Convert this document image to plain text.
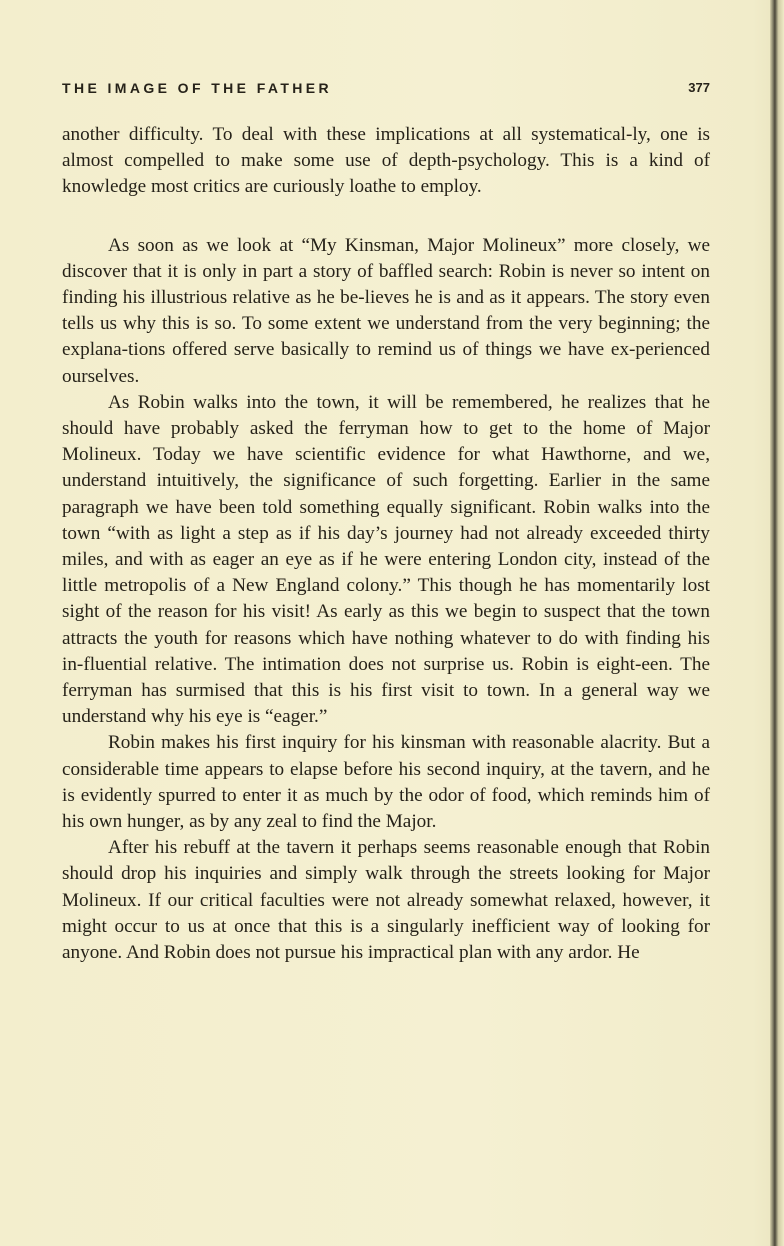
THE IMAGE OF THE FATHER	377

another difficulty. To deal with these implications at all systematical-ly, one is almost compelled to make some use of depth-psychology. This is a kind of knowledge most critics are curiously loathe to employ.

As soon as we look at “My Kinsman, Major Molineux” more closely, we discover that it is only in part a story of baffled search: Robin is never so intent on finding his illustrious relative as he be-lieves he is and as it appears. The story even tells us why this is so. To some extent we understand from the very beginning; the explana-tions offered serve basically to remind us of things we have ex-perienced ourselves.

As Robin walks into the town, it will be remembered, he realizes that he should have probably asked the ferryman how to get to the home of Major Molineux. Today we have scientific evidence for what Hawthorne, and we, understand intuitively, the significance of such forgetting. Earlier in the same paragraph we have been told something equally significant. Robin walks into the town “with as light a step as if his day’s journey had not already exceeded thirty miles, and with as eager an eye as if he were entering London city, instead of the little metropolis of a New England colony.” This though he has momentarily lost sight of the reason for his visit! As early as this we begin to suspect that the town attracts the youth for reasons which have nothing whatever to do with finding his in-fluential relative. The intimation does not surprise us. Robin is eight-een. The ferryman has surmised that this is his first visit to town. In a general way we understand why his eye is “eager.”

Robin makes his first inquiry for his kinsman with reasonable alacrity. But a considerable time appears to elapse before his second inquiry, at the tavern, and he is evidently spurred to enter it as much by the odor of food, which reminds him of his own hunger, as by any zeal to find the Major.

After his rebuff at the tavern it perhaps seems reasonable enough that Robin should drop his inquiries and simply walk through the streets looking for Major Molineux. If our critical faculties were not already somewhat relaxed, however, it might occur to us at once that this is a singularly inefficient way of looking for anyone. And Robin does not pursue his impractical plan with any ardor. He
